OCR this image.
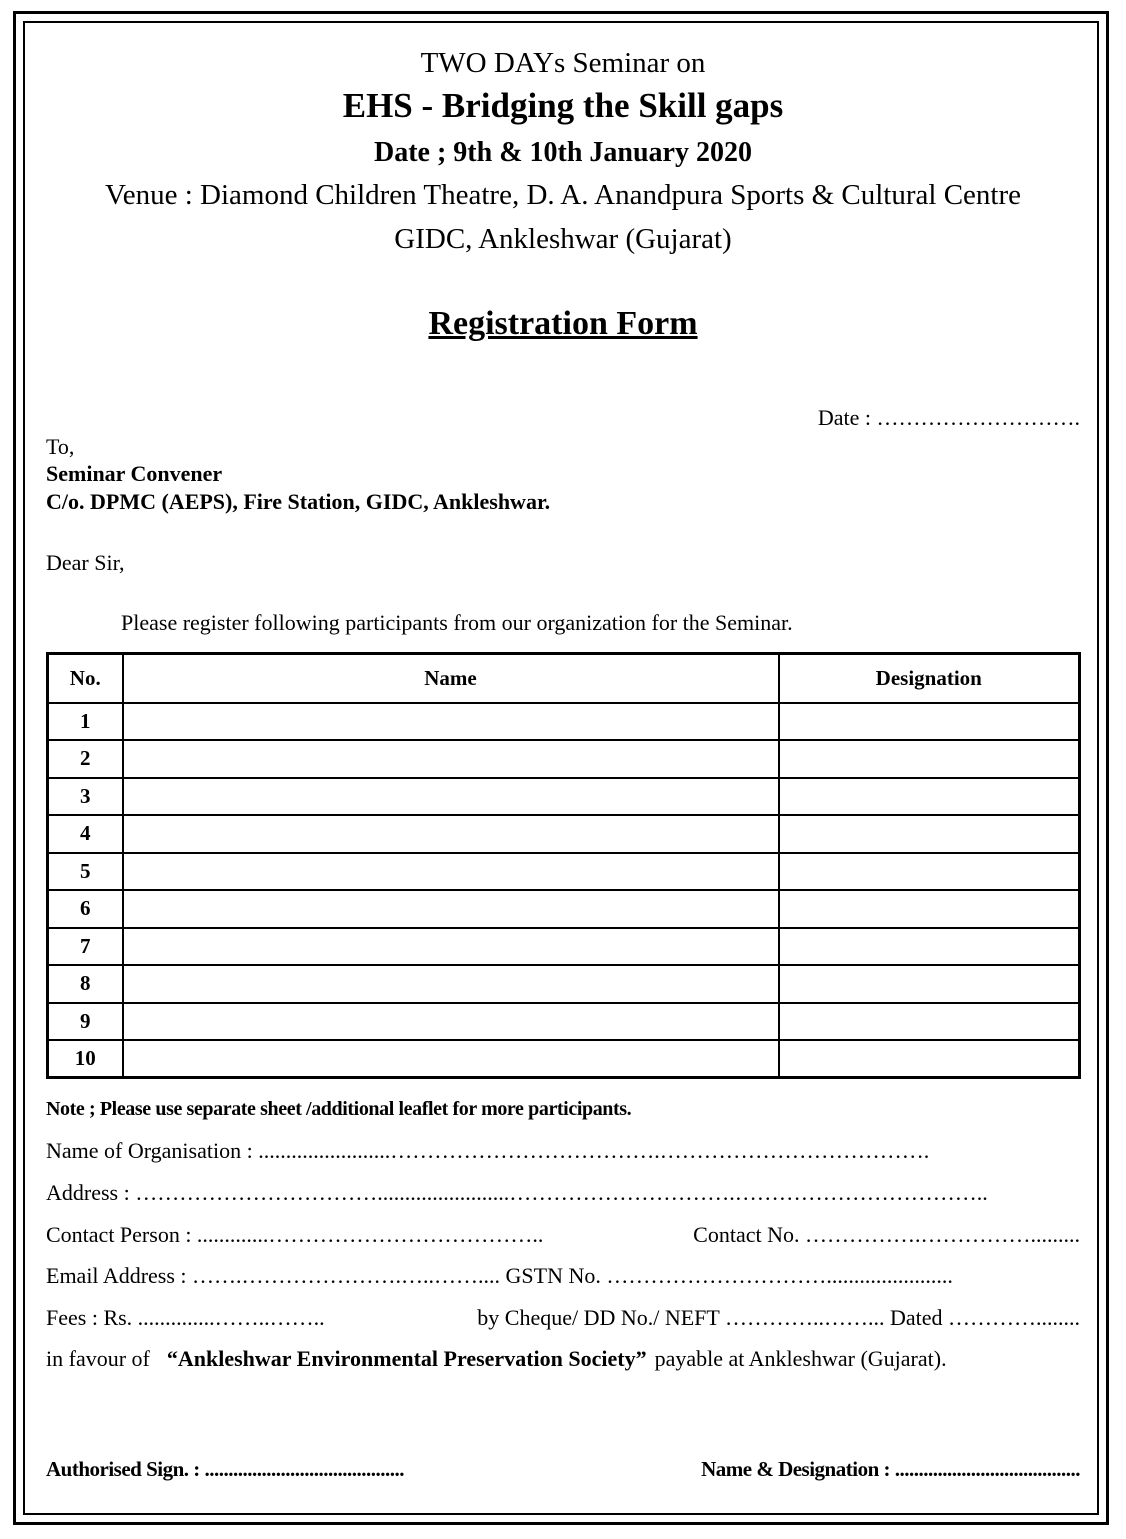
TWO DAYs Seminar on
EHS - Bridging the Skill gaps
Date ; 9th & 10th January 2020
Venue : Diamond Children Theatre, D. A. Anandpura Sports & Cultural Centre
GIDC, Ankleshwar (Gujarat)
Registration Form
Date : ……………………….
To,
Seminar Convener
C/o. DPMC (AEPS), Fire Station, GIDC, Ankleshwar.
Dear Sir,
Please register following participants from our organization for the Seminar.
No.	Name	Designation
1		
2		
3		
4		
5		
6		
7		
8		
9		
10		
Note ; Please use separate sheet /additional leaflet for more participants.
Name of Organisation : ........................……………………………….……………………………….
Address : ……………………………........................………………………….……………………………..
Contact Person : .............………………………………..	Contact No. …………….…………….........
Email Address : …….………………….…..…….... GSTN No. ………………………….......................
Fees : Rs. ..............……..……..	by Cheque/ DD No./ NEFT …………..……... Dated …………........
in favour of “Ankleshwar Environmental Preservation Society” payable at Ankleshwar (Gujarat).
Authorised Sign. : ..........................................	Name & Designation : .......................................
